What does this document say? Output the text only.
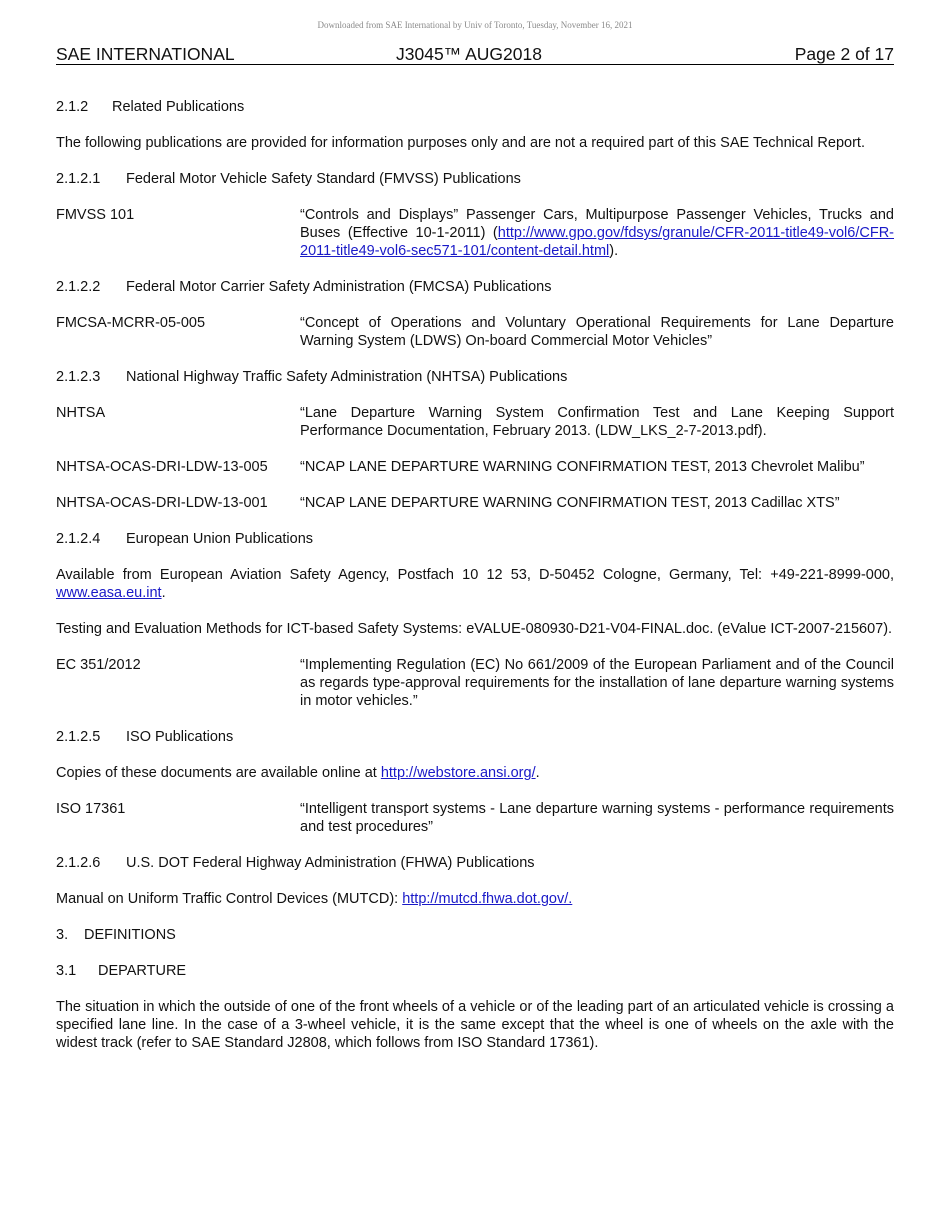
Downloaded from SAE International by Univ of Toronto, Tuesday, November 16, 2021
SAE INTERNATIONAL	J3045™ AUG2018	Page 2 of 17
2.1.2 Related Publications

The following publications are provided for information purposes only and are not a required part of this SAE Technical Report.

2.1.2.1 Federal Motor Vehicle Safety Standard (FMVSS) Publications
FMVSS 101	“Controls and Displays” Passenger Cars, Multipurpose Passenger Vehicles, Trucks and Buses (Effective 10-1-2011) (http://www.gpo.gov/fdsys/granule/CFR-2011-title49-vol6/CFR-2011-title49-vol6-sec571-101/content-detail.html).
2.1.2.2 Federal Motor Carrier Safety Administration (FMCSA) Publications
FMCSA-MCRR-05-005	“Concept of Operations and Voluntary Operational Requirements for Lane Departure Warning System (LDWS) On-board Commercial Motor Vehicles”
2.1.2.3 National Highway Traffic Safety Administration (NHTSA) Publications
NHTSA	“Lane Departure Warning System Confirmation Test and Lane Keeping Support Performance Documentation, February 2013. (LDW_LKS_2-7-2013.pdf).
NHTSA-OCAS-DRI-LDW-13-005	“NCAP LANE DEPARTURE WARNING CONFIRMATION TEST, 2013 Chevrolet Malibu”
NHTSA-OCAS-DRI-LDW-13-001	“NCAP LANE DEPARTURE WARNING CONFIRMATION TEST, 2013 Cadillac XTS”
2.1.2.4 European Union Publications

Available from European Aviation Safety Agency, Postfach 10 12 53, D-50452 Cologne, Germany, Tel: +49-221-8999-000, www.easa.eu.int.

Testing and Evaluation Methods for ICT-based Safety Systems: eVALUE-080930-D21-V04-FINAL.doc. (eValue ICT-2007-215607).

EC 351/2012	“Implementing Regulation (EC) No 661/2009 of the European Parliament and of the Council as regards type-approval requirements for the installation of lane departure warning systems in motor vehicles.”
2.1.2.5 ISO Publications

Copies of these documents are available online at http://webstore.ansi.org/.

ISO 17361	“Intelligent transport systems - Lane departure warning systems - performance requirements and test procedures”
2.1.2.6 U.S. DOT Federal Highway Administration (FHWA) Publications

Manual on Uniform Traffic Control Devices (MUTCD): http://mutcd.fhwa.dot.gov/.

3. DEFINITIONS
3.1 DEPARTURE

The situation in which the outside of one of the front wheels of a vehicle or of the leading part of an articulated vehicle is crossing a specified lane line. In the case of a 3-wheel vehicle, it is the same except that the wheel is one of wheels on the axle with the widest track (refer to SAE Standard J2808, which follows from ISO Standard 17361).
